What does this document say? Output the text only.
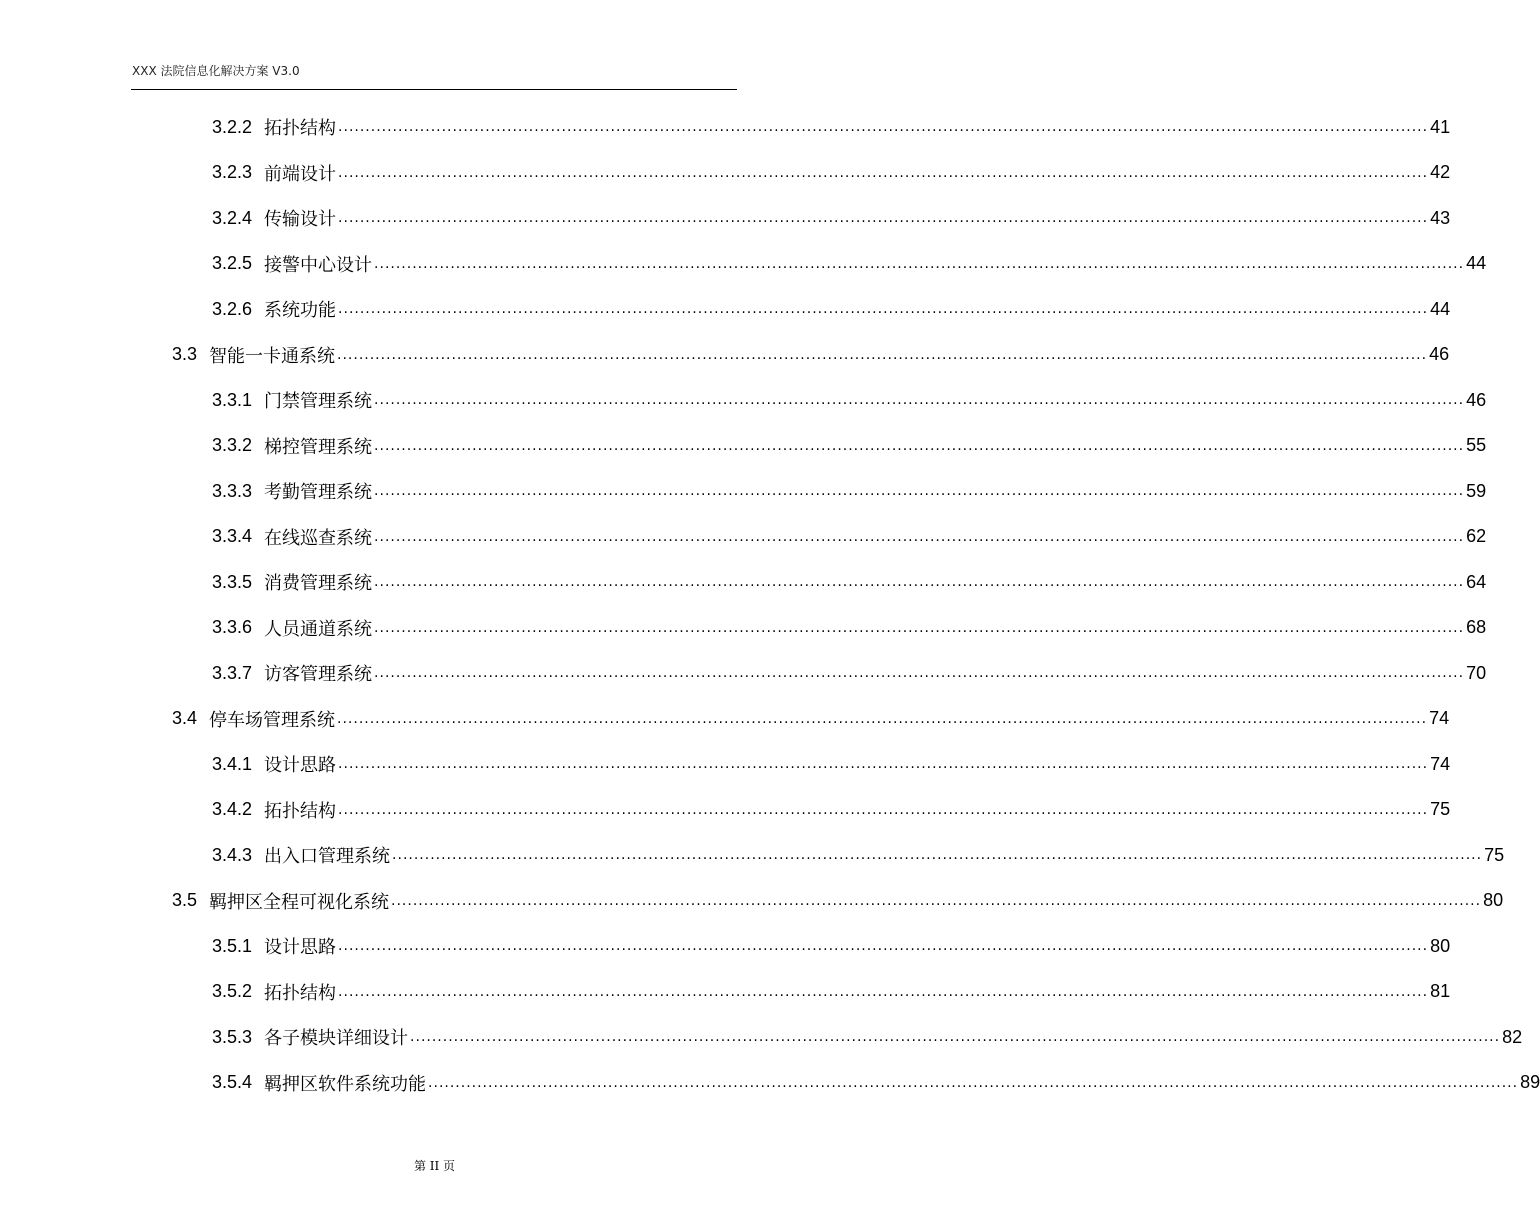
XXX 法院信息化解决方案 V3.0
3.2.2 拓扑结构 ........................................................................................................................................................................................................ 41
3.2.3 前端设计 ........................................................................................................................................................................................................ 42
3.2.4 传输设计 ........................................................................................................................................................................................................ 43
3.2.5 接警中心设计 ........................................................................................................................................................................................................ 44
3.2.6 系统功能 ........................................................................................................................................................................................................ 44
3.3 智能一卡通系统 ........................................................................................................................................................................................................ 46
3.3.1 门禁管理系统 ........................................................................................................................................................................................................ 46
3.3.2 梯控管理系统 ........................................................................................................................................................................................................ 55
3.3.3 考勤管理系统 ........................................................................................................................................................................................................ 59
3.3.4 在线巡查系统 ........................................................................................................................................................................................................ 62
3.3.5 消费管理系统 ........................................................................................................................................................................................................ 64
3.3.6 人员通道系统 ........................................................................................................................................................................................................ 68
3.3.7 访客管理系统 ........................................................................................................................................................................................................ 70
3.4 停车场管理系统 ........................................................................................................................................................................................................ 74
3.4.1 设计思路 ........................................................................................................................................................................................................ 74
3.4.2 拓扑结构 ........................................................................................................................................................................................................ 75
3.4.3 出入口管理系统 ........................................................................................................................................................................................................ 75
3.5 羁押区全程可视化系统 ........................................................................................................................................................................................................ 80
3.5.1 设计思路 ........................................................................................................................................................................................................ 80
3.5.2 拓扑结构 ........................................................................................................................................................................................................ 81
3.5.3 各子模块详细设计 ........................................................................................................................................................................................................ 82
3.5.4 羁押区软件系统功能 ........................................................................................................................................................................................................ 89
第 II 页
